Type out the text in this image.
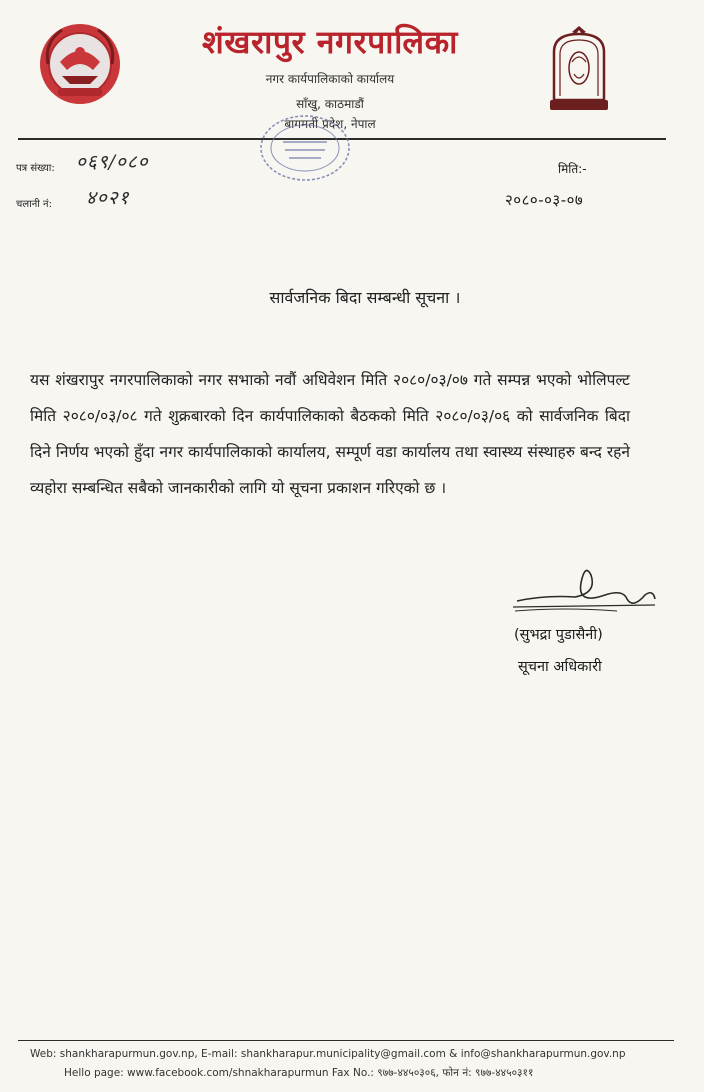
शंखरापुर नगरपालिका
नगर कार्यपालिकाको कार्यालय
साँखु, काठमाडौं
बागमती प्रदेश, नेपाल
पत्र संख्या: ०६९/०८०
चलानी नं: ४०२१
मिति:-
२०८०-०३-०७
सार्वजनिक बिदा सम्बन्धी सूचना ।
यस शंखरापुर नगरपालिकाको नगर सभाको नवौं अधिवेशन मिति २०८०/०३/०७ गते सम्पन्न भएको भोलिपल्ट मिति २०८०/०३/०८ गते शुक्रबारको दिन कार्यपालिकाको बैठकको मिति २०८०/०३/०६ को सार्वजनिक बिदा दिने निर्णय भएको हुँदा नगर कार्यपालिकाको कार्यालय, सम्पूर्ण वडा कार्यालय तथा स्वास्थ्य संस्थाहरु बन्द रहने व्यहोरा सम्बन्धित सबैको जानकारीको लागि यो सूचना प्रकाशन गरिएको छ ।
(सुभद्रा पुडासैनी)
सूचना अधिकारी
Web: shankharapurmun.gov.np, E-mail: shankharapur.municipality@gmail.com & info@shankharapurmun.gov.np
Hello page: www.facebook.com/shnakharapurmun Fax No.: ९७७-४४५०३०६, फोन नं: ९७७-४४५०३११
